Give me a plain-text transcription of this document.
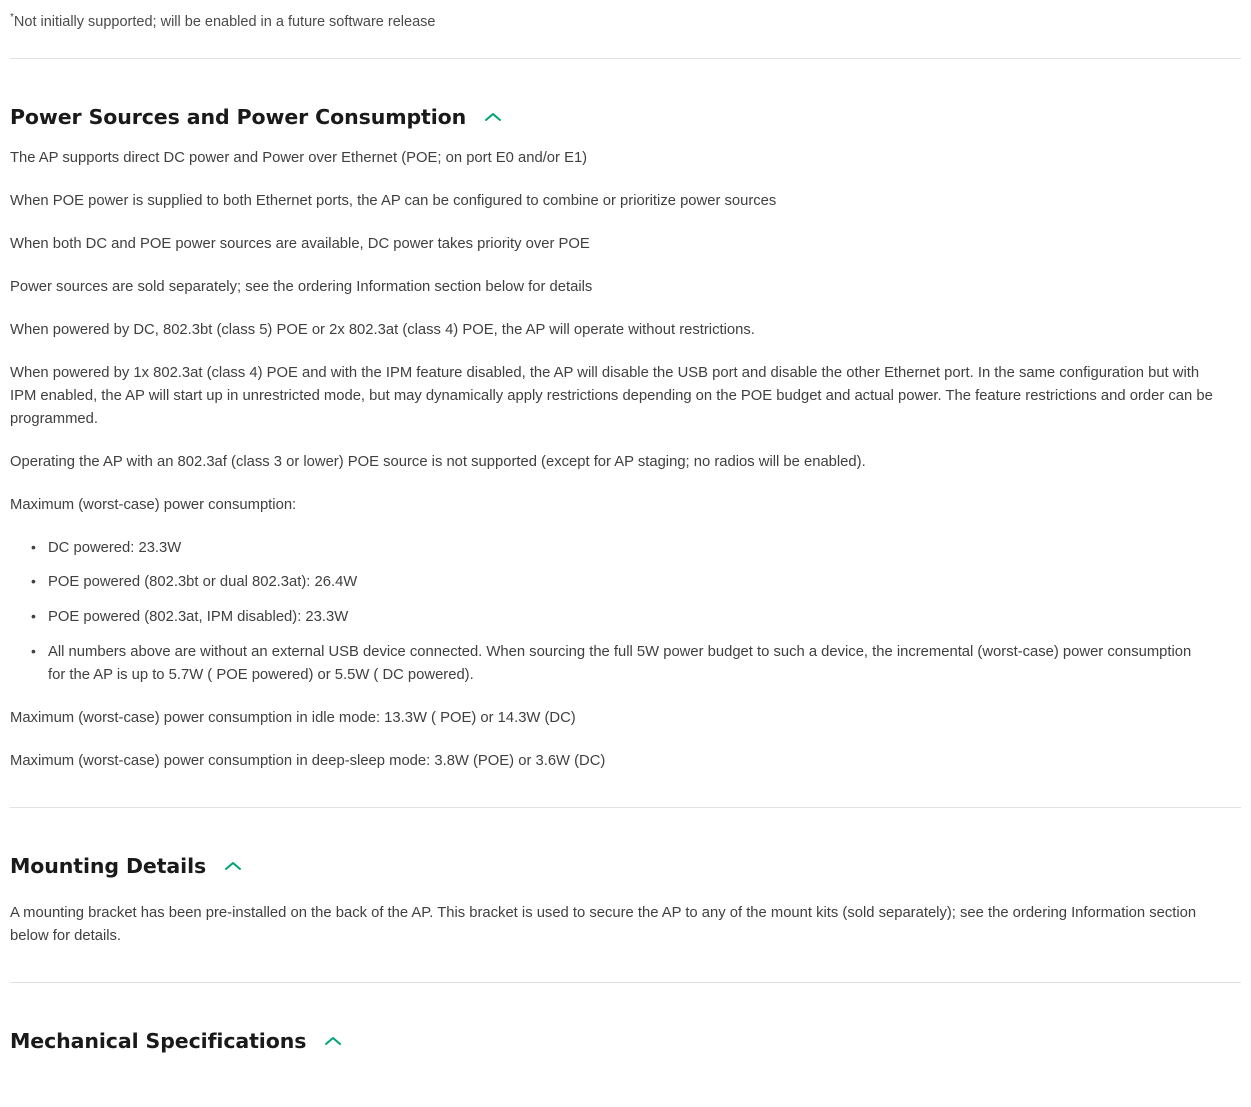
*Not initially supported; will be enabled in a future software release
Power Sources and Power Consumption

The AP supports direct DC power and Power over Ethernet (POE; on port E0 and/or E1)

When POE power is supplied to both Ethernet ports, the AP can be configured to combine or prioritize power sources

When both DC and POE power sources are available, DC power takes priority over POE

Power sources are sold separately; see the ordering Information section below for details

When powered by DC, 802.3bt (class 5) POE or 2x 802.3at (class 4) POE, the AP will operate without restrictions.

When powered by 1x 802.3at (class 4) POE and with the IPM feature disabled, the AP will disable the USB port and disable the other Ethernet port. In the same configuration but with IPM enabled, the AP will start up in unrestricted mode, but may dynamically apply restrictions depending on the POE budget and actual power. The feature restrictions and order can be programmed.

Operating the AP with an 802.3af (class 3 or lower) POE source is not supported (except for AP staging; no radios will be enabled).

Maximum (worst-case) power consumption:

• DC powered: 23.3W
• POE powered (802.3bt or dual 802.3at): 26.4W
• POE powered (802.3at, IPM disabled): 23.3W
• All numbers above are without an external USB device connected. When sourcing the full 5W power budget to such a device, the incremental (worst-case) power consumption for the AP is up to 5.7W ( POE powered) or 5.5W ( DC powered).

Maximum (worst-case) power consumption in idle mode: 13.3W ( POE) or 14.3W (DC)

Maximum (worst-case) power consumption in deep-sleep mode: 3.8W (POE) or 3.6W (DC)

Mounting Details

A mounting bracket has been pre-installed on the back of the AP. This bracket is used to secure the AP to any of the mount kits (sold separately); see the ordering Information section below for details.

Mechanical Specifications
